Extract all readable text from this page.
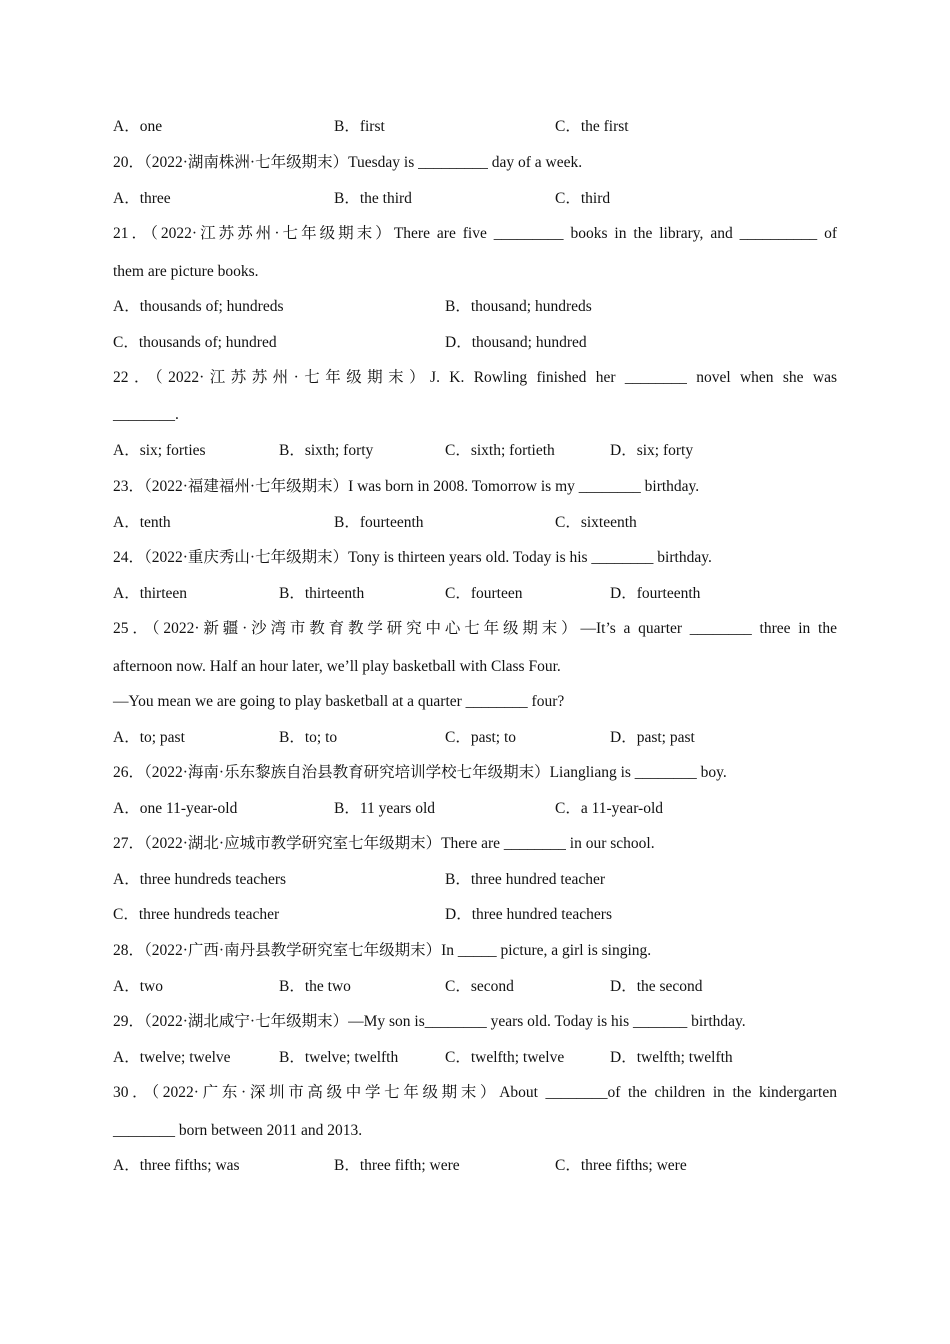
A．one	B．first	C．the first
20．（2022·湖南株洲·七年级期末）Tuesday is _________ day of a week.
A．three	B．the third	C．third
21．（2022·江苏苏州·七年级期末）There are five _________ books in the library, and __________ of
them are picture books.
A．thousands of; hundreds	B．thousand; hundreds
C．thousands of; hundred	D．thousand; hundred
22．（2022·江苏苏州·七年级期末）J. K. Rowling finished her ________ novel when she was
________.
A．six; forties	B．sixth; forty	C．sixth; fortieth	D．six; forty
23．（2022·福建福州·七年级期末）I was born in 2008. Tomorrow is my ________ birthday.
A．tenth	B．fourteenth	C．sixteenth
24．（2022·重庆秀山·七年级期末）Tony is thirteen years old. Today is his ________ birthday.
A．thirteen	B．thirteenth	C．fourteen	D．fourteenth
25．（2022·新疆·沙湾市教育教学研究中心七年级期末）—It’s a quarter ________ three in the
afternoon now. Half an hour later, we’ll play basketball with Class Four.
—You mean we are going to play basketball at a quarter ________ four?
A．to; past	B．to; to	C．past; to	D．past; past
26．（2022·海南·乐东黎族自治县教育研究培训学校七年级期末）Liangliang is ________ boy.
A．one 11-year-old	B．11 years old	C．a 11-year-old
27．（2022·湖北·应城市教学研究室七年级期末）There are ________ in our school.
A．three hundreds teachers	B．three hundred teacher
C．three hundreds teacher	D．three hundred teachers
28．（2022·广西·南丹县教学研究室七年级期末）In _____ picture, a girl is singing.
A．two	B．the two	C．second	D．the second
29．（2022·湖北咸宁·七年级期末）—My son is________ years old. Today is his _______ birthday.
A．twelve; twelve	B．twelve; twelfth	C．twelfth; twelve	D．twelfth; twelfth
30．（2022·广东·深圳市高级中学七年级期末）About ________of the children in the kindergarten
________ born between 2011 and 2013.
A．three fifths; was	B．three fifth; were	C．three fifths; were
